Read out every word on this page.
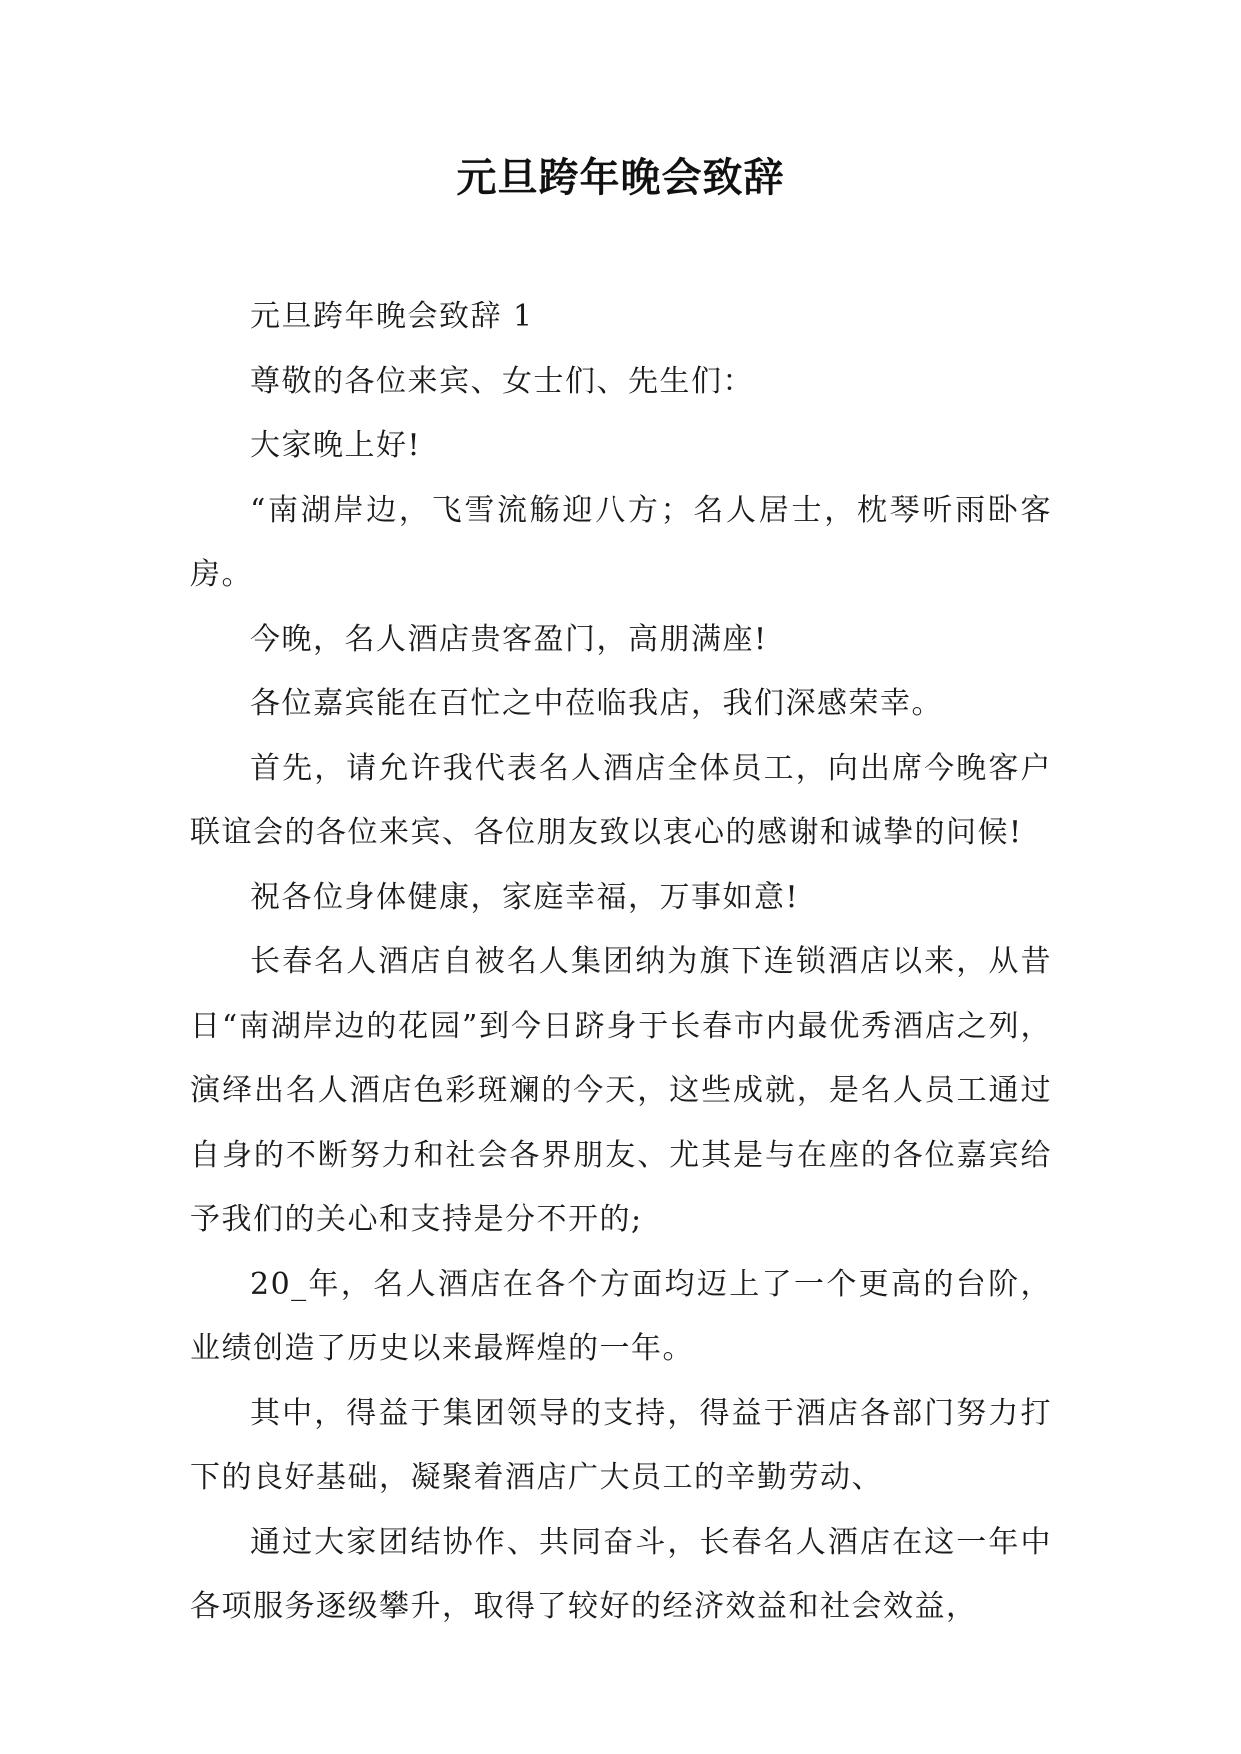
元旦跨年晚会致辞

元旦跨年晚会致辞 1

尊敬的各位来宾、女士们、先生们：

大家晚上好!

“南湖岸边，飞雪流觞迎八方；名人居士，枕琴听雨卧客房。

今晚，名人酒店贵客盈门，高朋满座!

各位嘉宾能在百忙之中莅临我店，我们深感荣幸。

首先，请允许我代表名人酒店全体员工，向出席今晚客户联谊会的各位来宾、各位朋友致以衷心的感谢和诚挚的问候!

祝各位身体健康，家庭幸福，万事如意!

长春名人酒店自被名人集团纳为旗下连锁酒店以来，从昔日“南湖岸边的花园”到今日跻身于长春市内最优秀酒店之列，演绎出名人酒店色彩斑斓的今天，这些成就，是名人员工通过自身的不断努力和社会各界朋友、尤其是与在座的各位嘉宾给予我们的关心和支持是分不开的;

20_年，名人酒店在各个方面均迈上了一个更高的台阶，业绩创造了历史以来最辉煌的一年。

其中，得益于集团领导的支持，得益于酒店各部门努力打下的良好基础，凝聚着酒店广大员工的辛勤劳动、

通过大家团结协作、共同奋斗，长春名人酒店在这一年中各项服务逐级攀升，取得了较好的经济效益和社会效益，
